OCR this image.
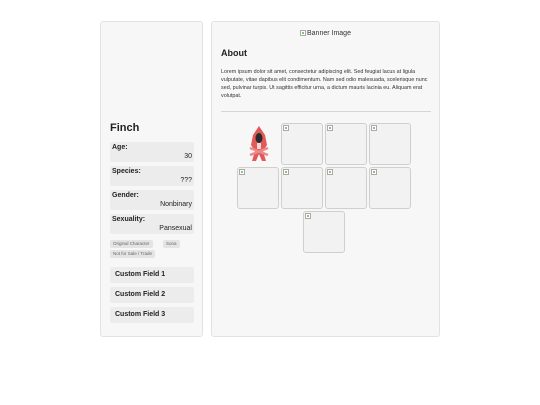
Finch
Age:
30
Species:
???
Gender:
Nonbinary
Sexuality:
Pansexual
Original Character	Sona
Not for Sale / Trade
Custom Field 1
Custom Field 2
Custom Field 3
Banner Image
About
Lorem ipsum dolor sit amet, consectetur adipiscing elit. Sed feugiat lacus at ligula vulputate, vitae dapibus elit condimentum. Nam sed odio malesuada, scelerisque nunc sed, pulvinar turpis. Ut sagittis efficitur urna, a dictum mauris lacinia eu. Aliquam erat volutpat.
